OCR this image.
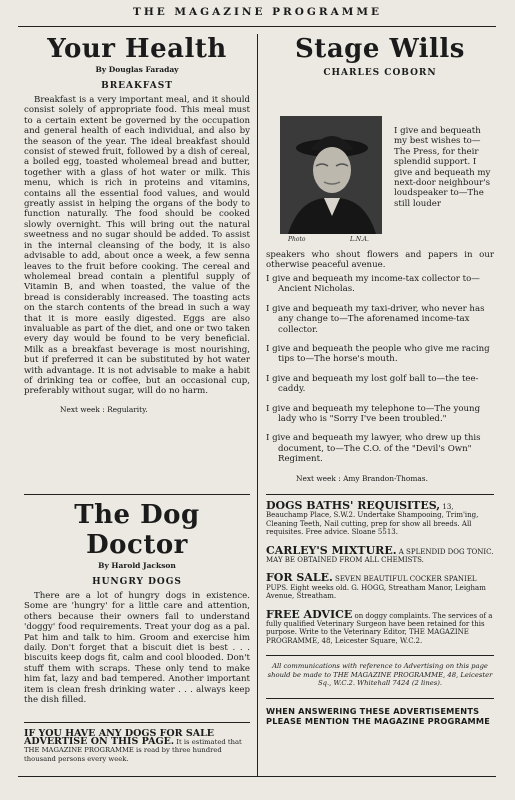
THE MAGAZINE PROGRAMME
Your Health
By Douglas Faraday
BREAKFAST

Breakfast is a very important meal, and it should consist solely of appropriate food. This meal must to a certain extent be governed by the occupation and general health of each individual, and also by the season of the year. The ideal breakfast should consist of stewed fruit, followed by a dish of cereal, a boiled egg, toasted wholemeal bread and butter, together with a glass of hot water or milk. This menu, which is rich in proteins and vitamins, contains all the essential food values, and would greatly assist in helping the organs of the body to function naturally. The food should be cooked slowly overnight. This will bring out the natural sweetness and no sugar should be added. To assist in the internal cleansing of the body, it is also advisable to add, about once a week, a few senna leaves to the fruit before cooking. The cereal and wholemeal bread contain a plentiful supply of Vitamin B, and when toasted, the value of the bread is considerably increased. The toasting acts on the starch contents of the bread in such a way that it is more easily digested. Eggs are also invaluable as part of the diet, and one or two taken every day would be found to be very beneficial. Milk as a breakfast beverage is most nourishing, but if preferred it can be substituted by hot water with advantage. It is not advisable to make a habit of drinking tea or coffee, but an occasional cup, preferably without sugar, will do no harm.

Next week : Regularity.
The Dog Doctor
By Harold Jackson
HUNGRY DOGS

There are a lot of hungry dogs in existence. Some are 'hungry' for a little care and attention, others because their owners fail to understand 'doggy' food requirements. Treat your dog as a pal. Pat him and talk to him. Groom and exercise him daily. Don't forget that a biscuit diet is best . . . biscuits keep dogs fit, calm and cool blooded. Don't stuff them with scraps. These only tend to make him fat, lazy and bad tempered. Another important item is clean fresh drinking water . . . always keep the dish filled.

IF YOU HAVE ANY DOGS FOR SALE ADVERTISE ON THIS PAGE. It is estimated that THE MAGAZINE PROGRAMME is read by three hundred thousand persons every week.
Stage Wills
CHARLES COBORN
Photo	L.N.A.
I give and bequeath my best wishes to—The Press, for their splendid support. I give and bequeath my next-door neighbour's loudspeaker to—The still louder
speakers who shout flowers and papers in our otherwise peaceful avenue.
I give and bequeath my income-tax collector to—Ancient Nicholas.
I give and bequeath my taxi-driver, who never has any change to—The aforenamed income-tax collector.
I give and bequeath the people who give me racing tips to—The horse's mouth.
I give and bequeath my lost golf ball to—the tee-caddy.
I give and bequeath my telephone to—The young lady who is "Sorry I've been troubled."
I give and bequeath my lawyer, who drew up this document, to—The C.O. of the "Devil's Own" Regiment.
Next week : Amy Brandon-Thomas.
DOGS BATHS' REQUISITES, 13, Beauchamp Place, S.W.2. Undertake Shampooing, Trim'ing, Cleaning Teeth, Nail cutting, prep for show all breeds. All requisites. Free advice. Sloane 5513.
CARLEY'S MIXTURE. A SPLENDID DOG TONIC. MAY BE OBTAINED FROM ALL CHEMISTS.
FOR SALE. SEVEN BEAUTIFUL COCKER SPANIEL PUPS. Eight weeks old. G. HOGG, Streatham Manor, Leigham Avenue, Streatham.
FREE ADVICE on doggy complaints. The services of a fully qualified Veterinary Surgeon have been retained for this purpose. Write to the Veterinary Editor, THE MAGAZINE PROGRAMME, 48, Leicester Square, W.C.2.
All communications with reference to Advertising on this page should be made to THE MAGAZINE PROGRAMME, 48, Leicester Sq., W.C.2. Whitehall 7424 (2 lines).
WHEN ANSWERING THESE ADVERTISEMENTS PLEASE MENTION THE MAGAZINE PROGRAMME
